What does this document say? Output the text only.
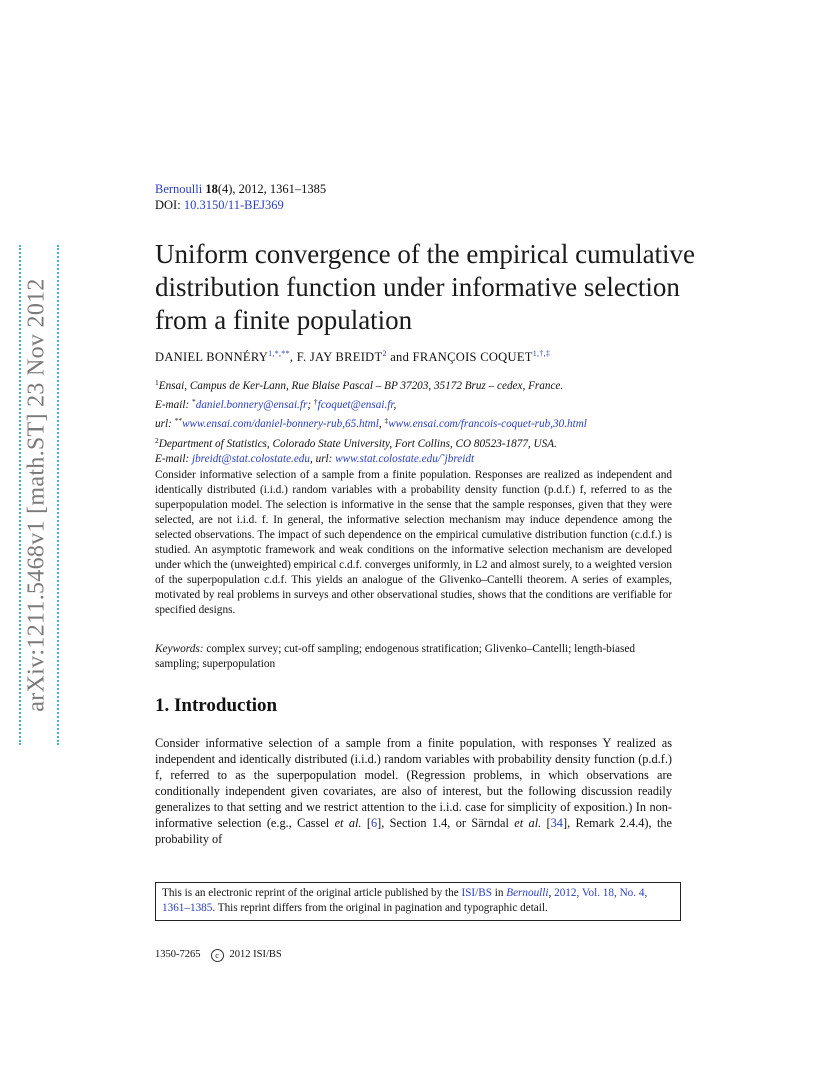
arXiv:1211.5468v1 [math.ST] 23 Nov 2012
Bernoulli 18(4), 2012, 1361–1385
DOI: 10.3150/11-BEJ369
Uniform convergence of the empirical cumulative distribution function under informative selection from a finite population
DANIEL $BONNÉRY^{1,*,**}$, F. JAY BREIDT$^2$ and FRANÇOIS $COQUET^{1,\dagger,\ddagger}$
$^1$Ensai, Campus de Ker-Lann, Rue Blaise Pascal – BP 37203, 35172 Bruz – cedex, France.
E-mail: *daniel.bonnery@ensai.fr; †fcoquet@ensai.fr,
url: **www.ensai.com/daniel-bonnery-rub,65.html, ‡www.ensai.com/francois-coquet-rub,30.html
$^2$Department of Statistics, Colorado State University, Fort Collins, CO 80523-1877, USA.
E-mail: jbreidt@stat.colostate.edu, url: www.stat.colostate.edu/˜jbreidt
Consider informative selection of a sample from a finite population. Responses are realized as independent and identically distributed (i.i.d.) random variables with a probability density function (p.d.f.) f, referred to as the superpopulation model. The selection is informative in the sense that the sample responses, given that they were selected, are not i.i.d. f. In general, the informative selection mechanism may induce dependence among the selected observations. The impact of such dependence on the empirical cumulative distribution function (c.d.f.) is studied. An asymptotic framework and weak conditions on the informative selection mechanism are developed under which the (unweighted) empirical c.d.f. converges uniformly, in L2 and almost surely, to a weighted version of the superpopulation c.d.f. This yields an analogue of the Glivenko–Cantelli theorem. A series of examples, motivated by real problems in surveys and other observational studies, shows that the conditions are verifiable for specified designs.
Keywords: complex survey; cut-off sampling; endogenous stratification; Glivenko–Cantelli; length-biased sampling; superpopulation
1. Introduction
Consider informative selection of a sample from a finite population, with responses Y realized as independent and identically distributed (i.i.d.) random variables with probability density function (p.d.f.) f, referred to as the superpopulation model. (Regression problems, in which observations are conditionally independent given covariates, are also of interest, but the following discussion readily generalizes to that setting and we restrict attention to the i.i.d. case for simplicity of exposition.) In non-informative selection (e.g., Cassel et al. [6], Section 1.4, or Särndal et al. [34], Remark 2.4.4), the probability of
This is an electronic reprint of the original article published by the ISI/BS in Bernoulli, 2012, Vol. 18, No. 4, 1361–1385. This reprint differs from the original in pagination and typographic detail.
1350-7265 c 2012 ISI/BS
